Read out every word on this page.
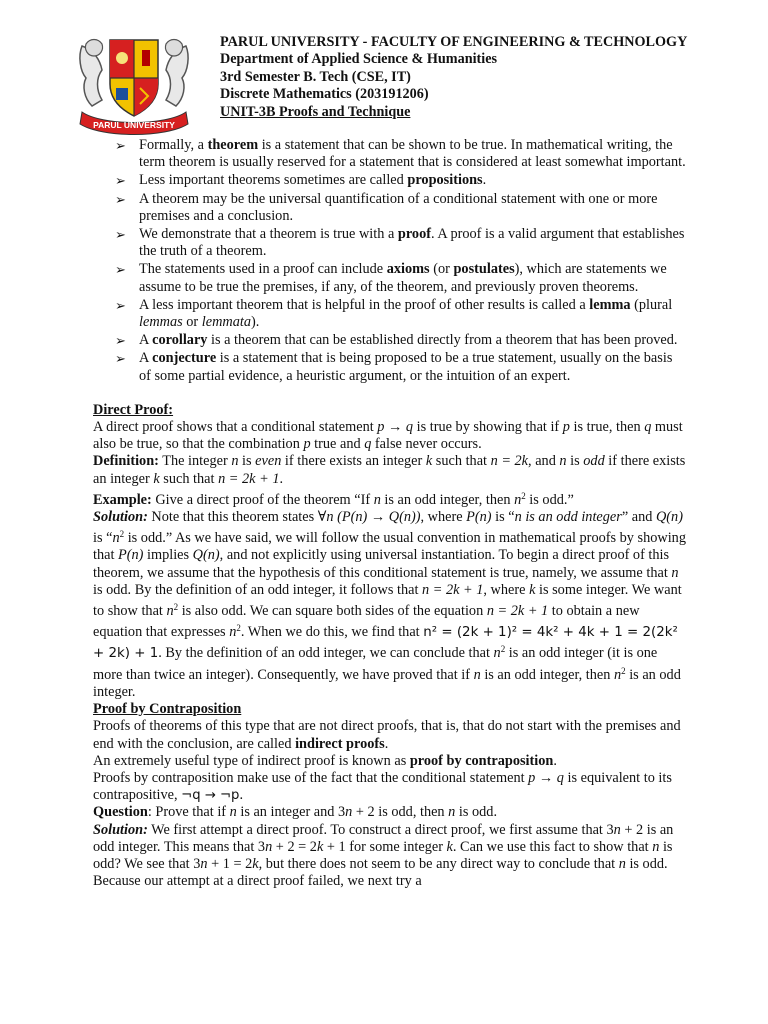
PARUL UNIVERSITY
PARUL UNIVERSITY - FACULTY OF ENGINEERING & TECHNOLOGY
Department of Applied Science & Humanities
3rd Semester B. Tech (CSE, IT)
Discrete Mathematics (203191206)
UNIT-3B Proofs and Technique
➢ Formally, a theorem is a statement that can be shown to be true. In mathematical writing, the term theorem is usually reserved for a statement that is considered at least somewhat important.
➢ Less important theorems sometimes are called propositions.
➢ A theorem may be the universal quantification of a conditional statement with one or more premises and a conclusion.
➢ We demonstrate that a theorem is true with a proof. A proof is a valid argument that establishes the truth of a theorem.
➢ The statements used in a proof can include axioms (or postulates), which are statements we assume to be true the premises, if any, of the theorem, and previously proven theorems.
➢ A less important theorem that is helpful in the proof of other results is called a lemma (plural lemmas or lemmata).
➢ A corollary is a theorem that can be established directly from a theorem that has been proved.
➢ A conjecture is a statement that is being proposed to be a true statement, usually on the basis of some partial evidence, a heuristic argument, or the intuition of an expert.
Direct Proof:

A direct proof shows that a conditional statement p → q is true by showing that if p is true, then q must also be true, so that the combination p true and q false never occurs.

Definition: The integer n is even if there exists an integer k such that n = 2k, and n is odd if there exists an integer k such that n = 2k + 1.

Example: Give a direct proof of the theorem “If n is an odd integer, then $n^2$ is odd.”

Solution: Note that this theorem states ∀n (P(n) → Q(n)), where P(n) is “n is an odd integer” and Q(n) is “$n^2$ is odd.” As we have said, we will follow the usual convention in mathematical proofs by showing that P(n) implies Q(n), and not explicitly using universal instantiation. To begin a direct proof of this theorem, we assume that the hypothesis of this conditional statement is true, namely, we assume that n is odd. By the definition of an odd integer, it follows that n = 2k + 1, where k is some integer. We want to show that $n^2$ is also odd. We can square both sides of the equation n = 2k + 1 to obtain a new equation that expresses $n^2$. When we do this, we find that n² = (2k + 1)² = 4k² + 4k + 1 = 2(2k² + 2k) + 1. By the definition of an odd integer, we can conclude that $n^2$ is an odd integer (it is one more than twice an integer). Consequently, we have proved that if n is an odd integer, then $n^2$ is an odd integer.

Proof by Contraposition

Proofs of theorems of this type that are not direct proofs, that is, that do not start with the premises and end with the conclusion, are called indirect proofs.

An extremely useful type of indirect proof is known as proof by contraposition.

Proofs by contraposition make use of the fact that the conditional statement p → q is equivalent to its contrapositive, ¬q → ¬p.

Question: Prove that if n is an integer and 3n + 2 is odd, then n is odd.

Solution: We first attempt a direct proof. To construct a direct proof, we first assume that 3n + 2 is an odd integer. This means that 3n + 2 = 2k + 1 for some integer k. Can we use this fact to show that n is odd? We see that 3n + 1 = 2k, but there does not seem to be any direct way to conclude that n is odd. Because our attempt at a direct proof failed, we next try a
